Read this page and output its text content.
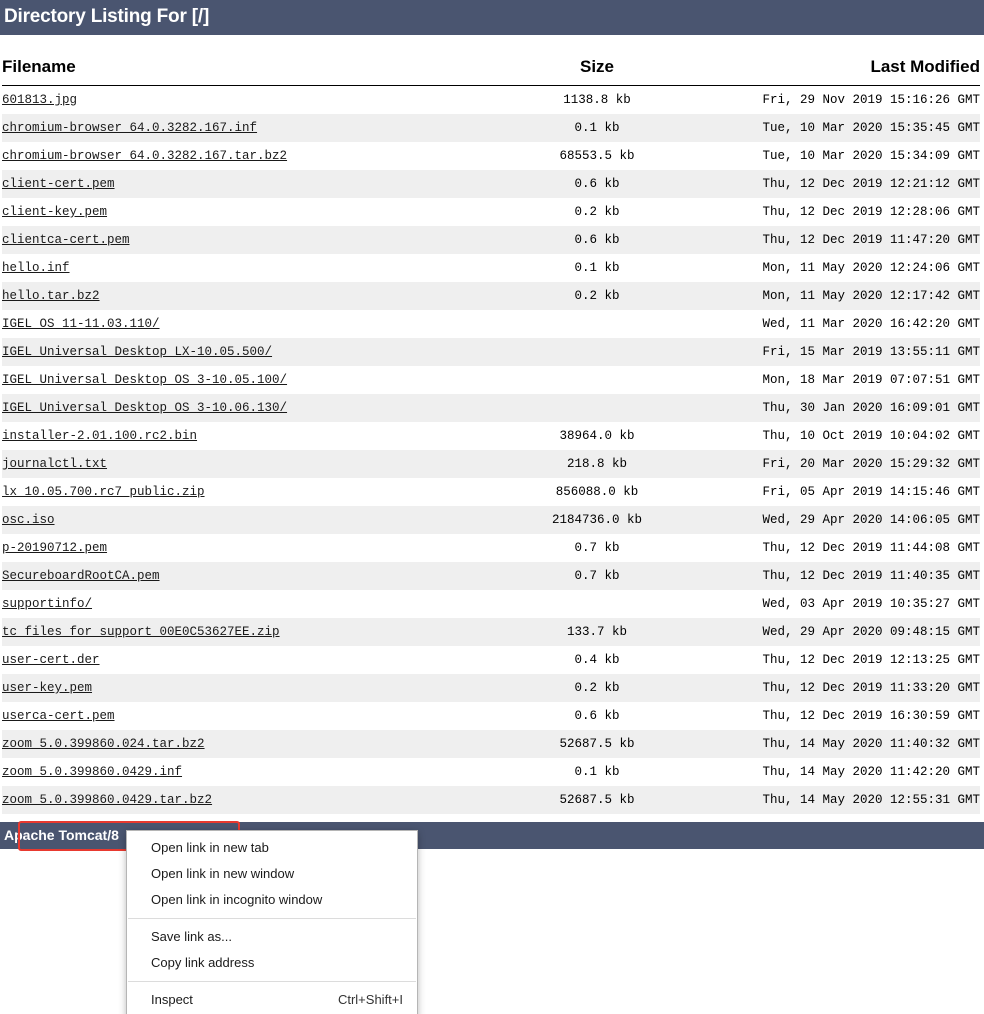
Directory Listing For [/]
Filename	Size	Last Modified
601813.jpg	1138.8 kb	Fri, 29 Nov 2019 15:16:26 GMT
chromium-browser_64.0.3282.167.inf	0.1 kb	Tue, 10 Mar 2020 15:35:45 GMT
chromium-browser_64.0.3282.167.tar.bz2	68553.5 kb	Tue, 10 Mar 2020 15:34:09 GMT
client-cert.pem	0.6 kb	Thu, 12 Dec 2019 12:21:12 GMT
client-key.pem	0.2 kb	Thu, 12 Dec 2019 12:28:06 GMT
clientca-cert.pem	0.6 kb	Thu, 12 Dec 2019 11:47:20 GMT
hello.inf	0.1 kb	Mon, 11 May 2020 12:24:06 GMT
hello.tar.bz2	0.2 kb	Mon, 11 May 2020 12:17:42 GMT
IGEL_OS_11-11.03.110/		Wed, 11 Mar 2020 16:42:20 GMT
IGEL_Universal_Desktop_LX-10.05.500/		Fri, 15 Mar 2019 13:55:11 GMT
IGEL_Universal_Desktop_OS_3-10.05.100/		Mon, 18 Mar 2019 07:07:51 GMT
IGEL_Universal_Desktop_OS_3-10.06.130/		Thu, 30 Jan 2020 16:09:01 GMT
installer-2.01.100.rc2.bin	38964.0 kb	Thu, 10 Oct 2019 10:04:02 GMT
journalctl.txt	218.8 kb	Fri, 20 Mar 2020 15:29:32 GMT
lx_10.05.700.rc7_public.zip	856088.0 kb	Fri, 05 Apr 2019 14:15:46 GMT
osc.iso	2184736.0 kb	Wed, 29 Apr 2020 14:06:05 GMT
p-20190712.pem	0.7 kb	Thu, 12 Dec 2019 11:44:08 GMT
SecureboardRootCA.pem	0.7 kb	Thu, 12 Dec 2019 11:40:35 GMT
supportinfo/		Wed, 03 Apr 2019 10:35:27 GMT
tc_files_for_support_00E0C53627EE.zip	133.7 kb	Wed, 29 Apr 2020 09:48:15 GMT
user-cert.der	0.4 kb	Thu, 12 Dec 2019 12:13:25 GMT
user-key.pem	0.2 kb	Thu, 12 Dec 2019 11:33:20 GMT
userca-cert.pem	0.6 kb	Thu, 12 Dec 2019 16:30:59 GMT
zoom_5.0.399860.024.tar.bz2	52687.5 kb	Thu, 14 May 2020 11:40:32 GMT
zoom_5.0.399860.0429.inf	0.1 kb	Thu, 14 May 2020 11:42:20 GMT
zoom_5.0.399860.0429.tar.bz2	52687.5 kb	Thu, 14 May 2020 12:55:31 GMT
Apache Tomcat/8
Open link in new tab
Open link in new window
Open link in incognito window
Save link as...
Copy link address
Inspect	Ctrl+Shift+I
